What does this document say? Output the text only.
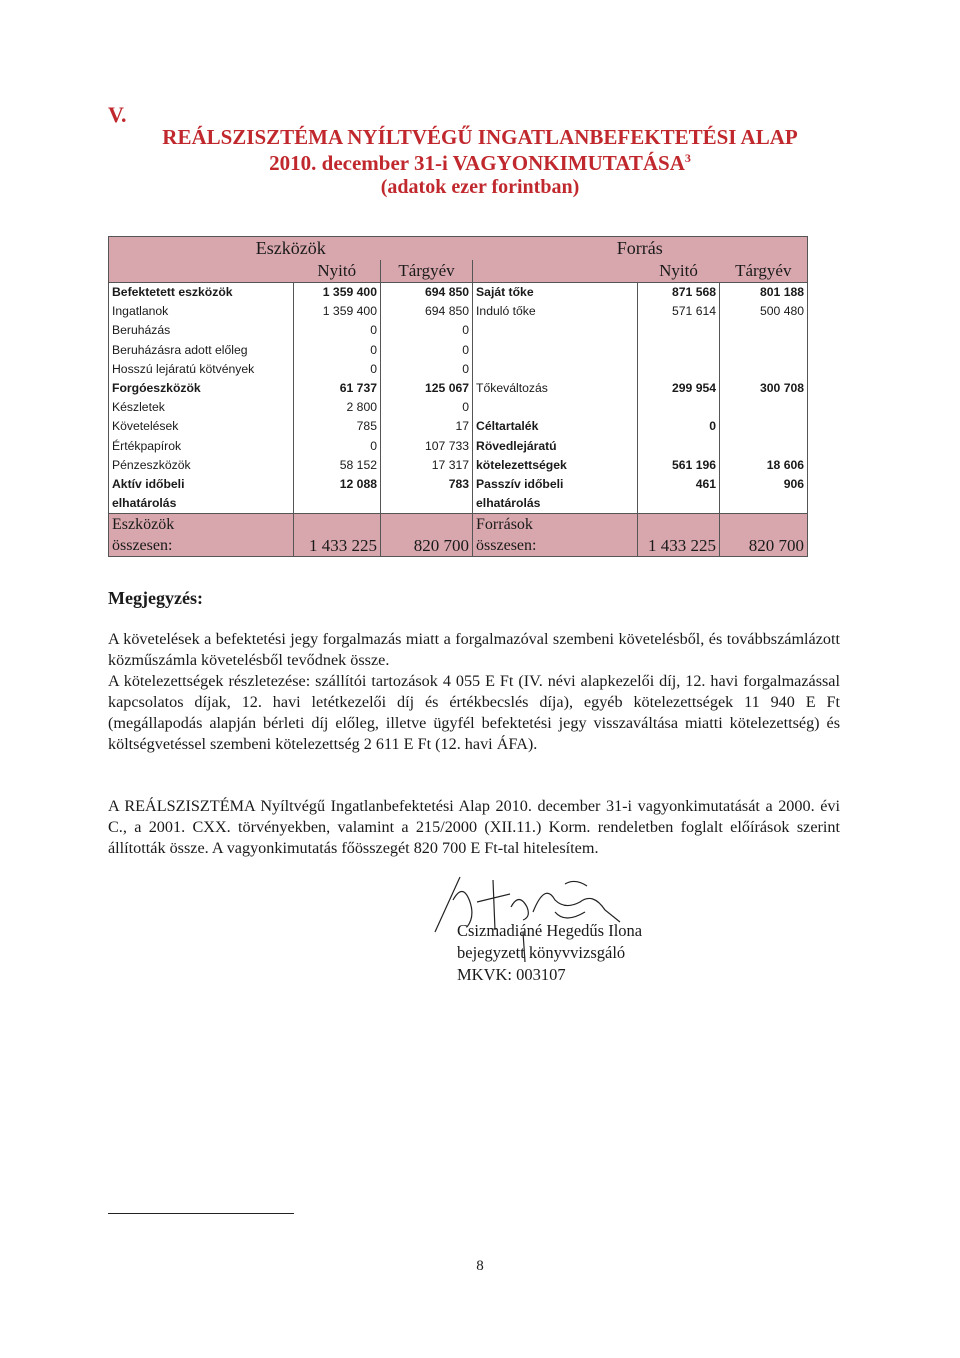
V.
REÁLSZISZTÉMA NYÍLTVÉGŰ INGATLANBEFEKTETÉSI ALAP
2010. december 31-i VAGYONKIMUTATÁSA$^3$
(adatok ezer forintban)
Eszközök			Forrás		
	Nyitó	Tárgyév		Nyitó	Tárgyév
Befektetett eszközök	1 359 400	694 850	Saját tőke	871 568	801 188
Ingatlanok	1 359 400	694 850	Induló tőke	571 614	500 480
Beruházás	0	0			
Beruházásra adott előleg	0	0			
Hosszú lejáratú kötvények	0	0			
Forgóeszközök	61 737	125 067	Tőkeváltozás	299 954	300 708
Készletek	2 800	0			
Követelések	785	17	Céltartalék	0	
Értékpapírok	0	107 733	Rövedlejáratú		
Pénzeszközök	58 152	17 317	kötelezettségek	561 196	18 606
Aktív időbeli	12 088	783	Passzív időbeli	461	906
elhatárolás			elhatárolás		
Eszközök			Források		
összesen:	1 433 225	820 700	összesen:	1 433 225	820 700
Megjegyzés:
A követelések a befektetési jegy forgalmazás miatt a forgalmazóval szembeni követelésből, és továbbszámlázott közműszámla követelésből tevődnek össze.
A kötelezettségek részletezése: szállítói tartozások 4 055 E Ft (IV. névi alapkezelői díj, 12. havi forgalmazással kapcsolatos díjak, 12. havi letétkezelői díj és értékbecslés díja), egyéb kötelezettségek 11 940 E Ft (megállapodás alapján bérleti díj előleg, illetve ügyfél befektetési jegy visszaváltása miatti kötelezettség) és költségvetéssel szembeni kötelezettség 2 611 E Ft (12. havi ÁFA).
A REÁLSZISZTÉMA Nyíltvégű Ingatlanbefektetési Alap 2010. december 31-i vagyonkimutatását a 2000. évi C., a 2001. CXX. törvényekben, valamint a 215/2000 (XII.11.) Korm. rendeletben foglalt előírások szerint állították össze. A vagyonkimutatás főösszegét 820 700 E Ft-tal hitelesítem.
Csizmadiáné Hegedűs Ilona
bejegyzett könyvvizsgáló
MKVK: 003107
8
